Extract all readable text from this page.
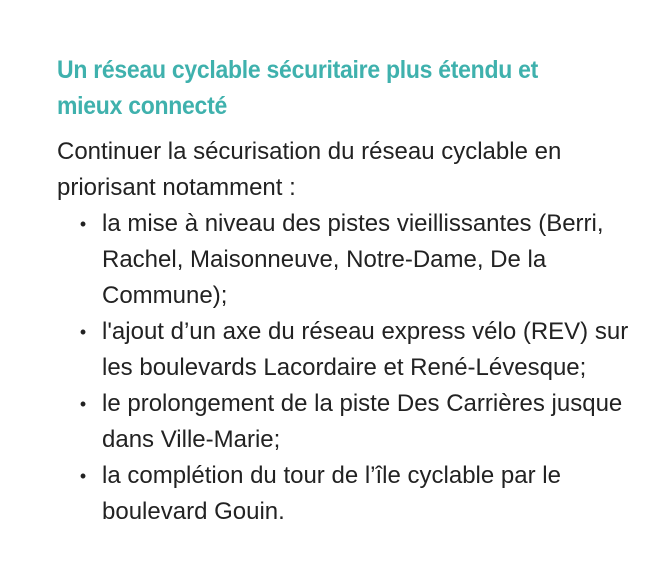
Un réseau cyclable sécuritaire plus étendu et mieux connecté

Continuer la sécurisation du réseau cyclable en priorisant notamment :

• la mise à niveau des pistes vieillissantes (Berri, Rachel, Maisonneuve, Notre-Dame, De la Commune);
• l'ajout d’un axe du réseau express vélo (REV) sur les boulevards Lacordaire et René-Lévesque;
• le prolongement de la piste Des Carrières jusque dans Ville-Marie;
• la complétion du tour de l’île cyclable par le boulevard Gouin.
